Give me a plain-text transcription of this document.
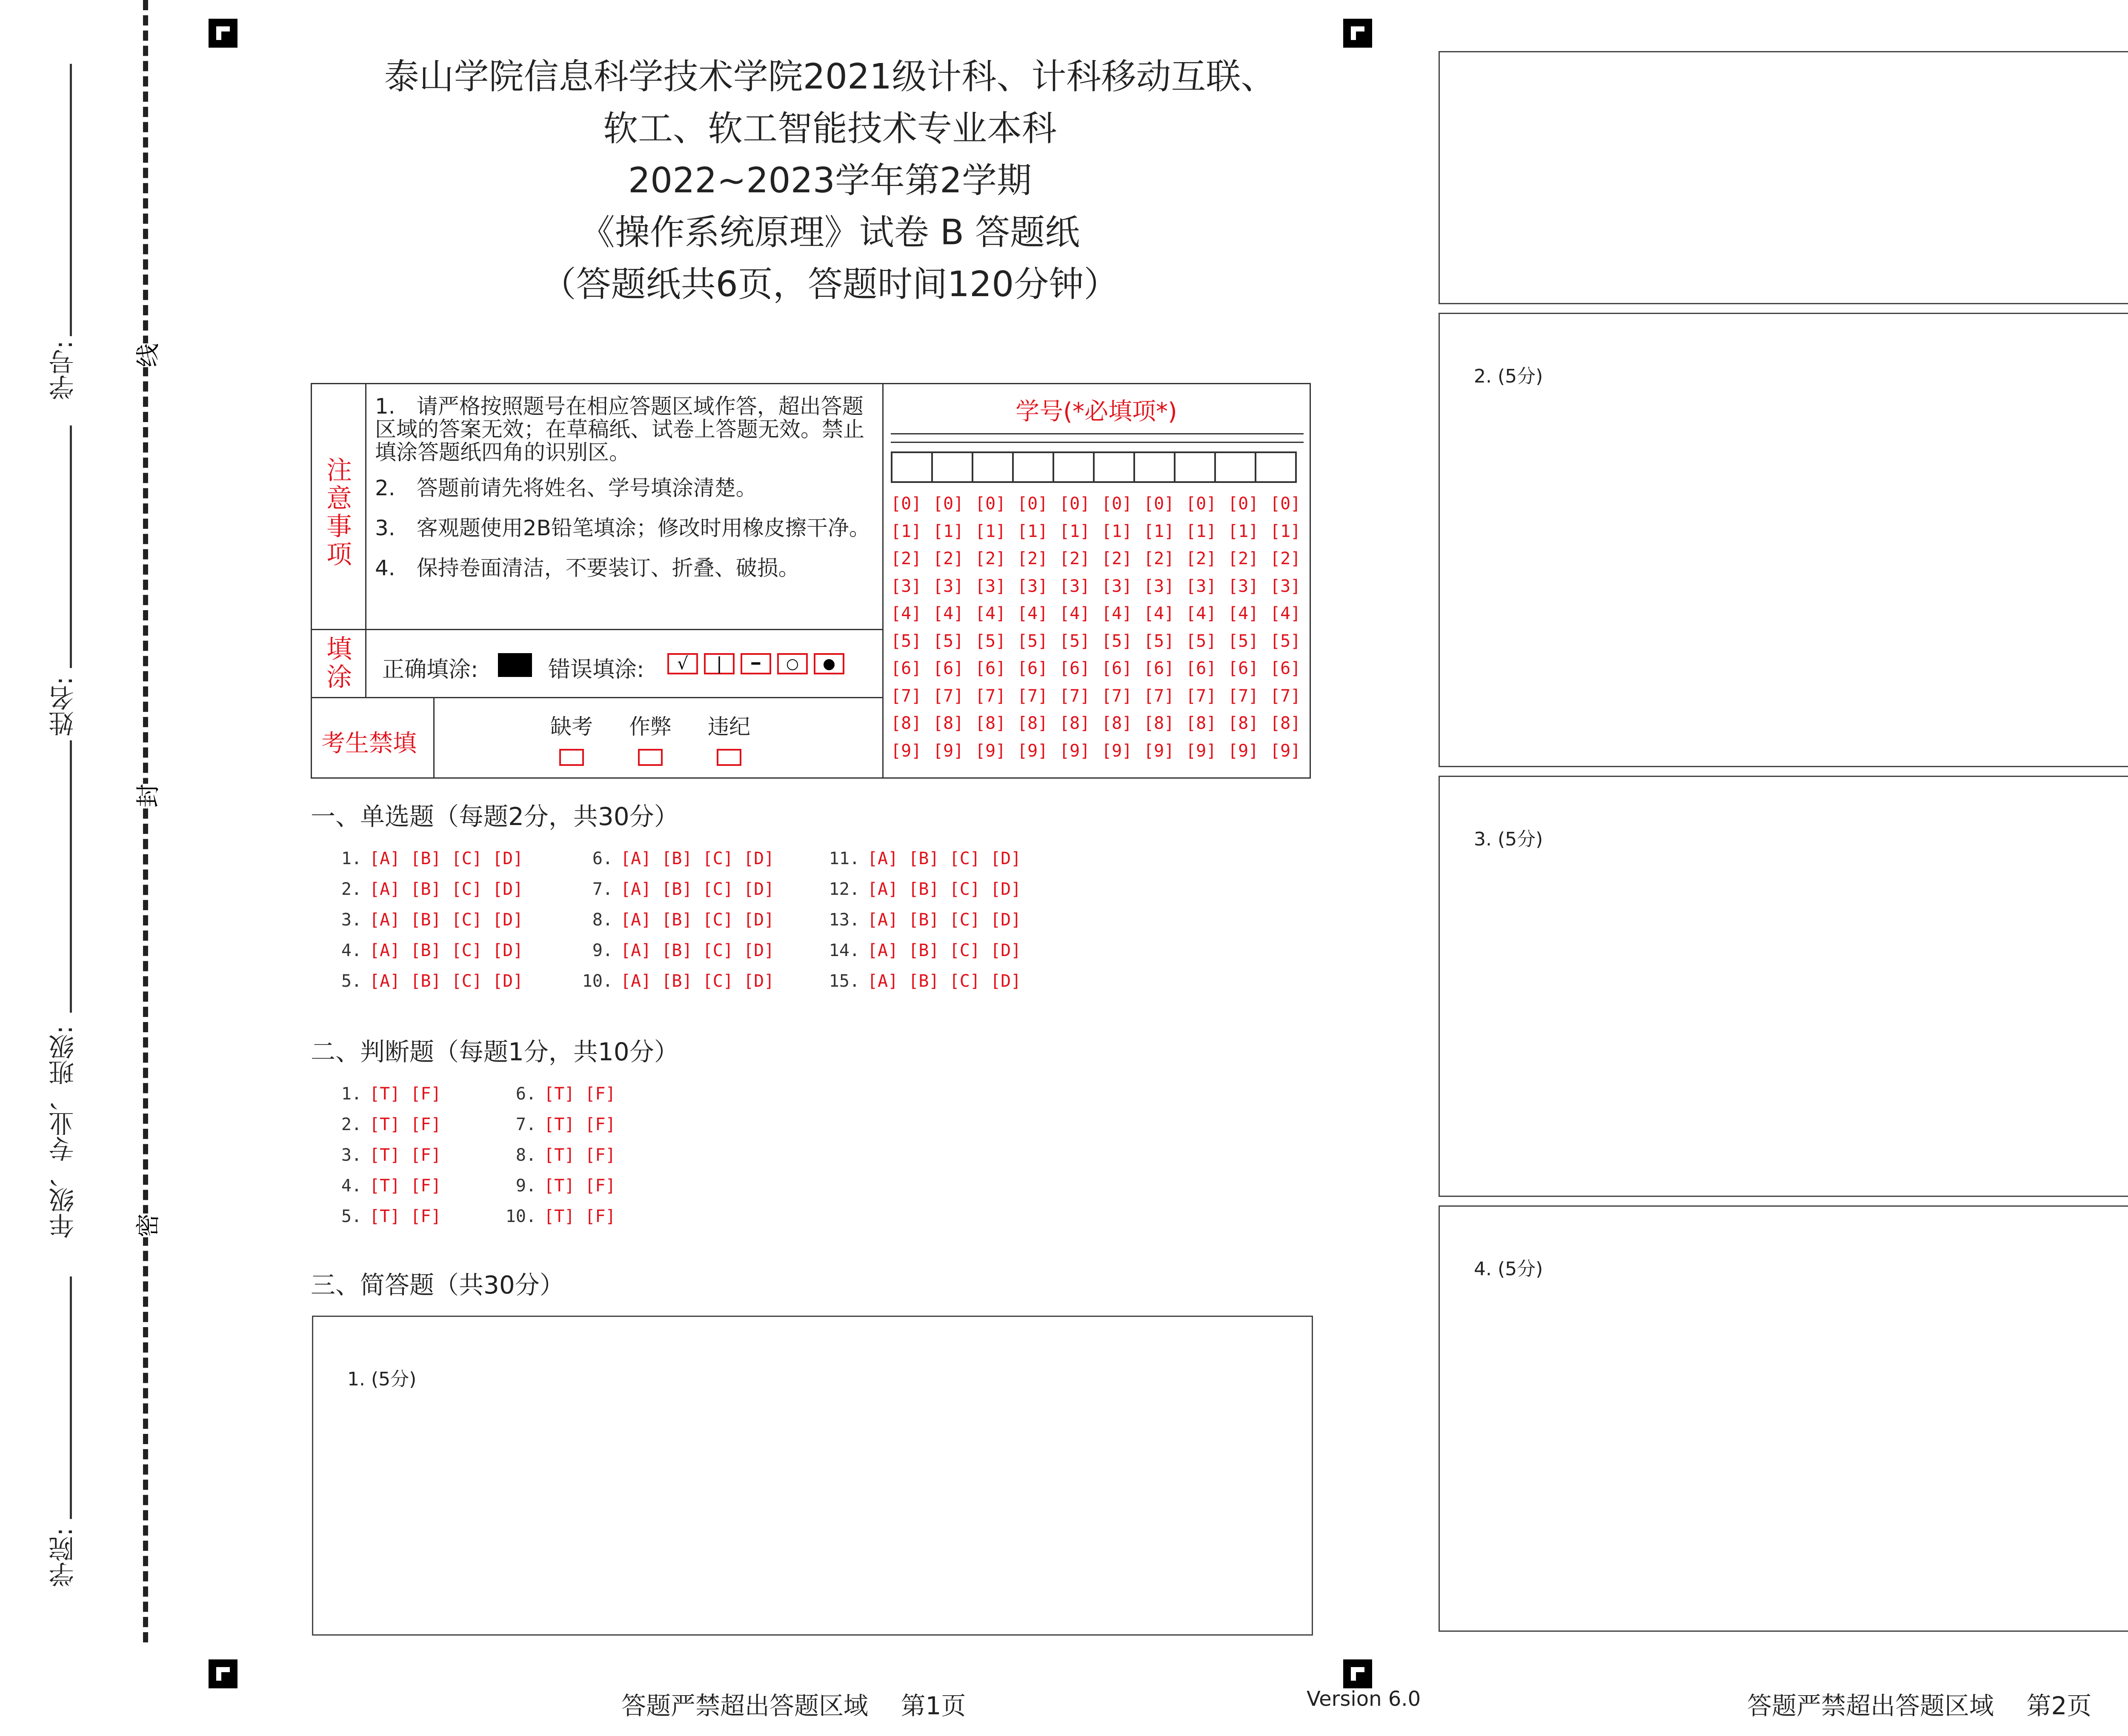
学号:
姓名:
年级、专业、班级:
学院:
线
封
密
泰山学院信息科学技术学院2021级计科、计科移动互联、
软工、软工智能技术专业本科
2022~2023学年第2学期
《操作系统原理》试卷 B 答题纸
（答题纸共6页，答题时间120分钟）
注意事项
1.　请严格按照题号在相应答题区域作答，超出答题区域的答案无效；在草稿纸、试卷上答题无效。禁止填涂答题纸四角的识别区。
2.　答题前请先将姓名、学号填涂清楚。
3.　客观题使用2B铅笔填涂；修改时用橡皮擦干净。
4.　保持卷面清洁，不要装订、折叠、破损。
填涂 正确填涂:	错误填涂:	√	|	━	○	●
考生禁填
缺考	作弊	违纪
学号(*必填项*)
[0] [0] [0] [0] [0] [0] [0] [0] [0] [0]
[1] [1] [1] [1] [1] [1] [1] [1] [1] [1]
[2] [2] [2] [2] [2] [2] [2] [2] [2] [2]
[3] [3] [3] [3] [3] [3] [3] [3] [3] [3]
[4] [4] [4] [4] [4] [4] [4] [4] [4] [4]
[5] [5] [5] [5] [5] [5] [5] [5] [5] [5]
[6] [6] [6] [6] [6] [6] [6] [6] [6] [6]
[7] [7] [7] [7] [7] [7] [7] [7] [7] [7]
[8] [8] [8] [8] [8] [8] [8] [8] [8] [8]
[9] [9] [9] [9] [9] [9] [9] [9] [9] [9]
一、单选题（每题2分，共30分）
1. [A] [B] [C] [D]
2. [A] [B] [C] [D]
3. [A] [B] [C] [D]
4. [A] [B] [C] [D]
5. [A] [B] [C] [D]
6. [A] [B] [C] [D]
7. [A] [B] [C] [D]
8. [A] [B] [C] [D]
9. [A] [B] [C] [D]
10. [A] [B] [C] [D]
11. [A] [B] [C] [D]
12. [A] [B] [C] [D]
13. [A] [B] [C] [D]
14. [A] [B] [C] [D]
15. [A] [B] [C] [D]
二、判断题（每题1分，共10分）
1. [T] [F]
2. [T] [F]
3. [T] [F]
4. [T] [F]
5. [T] [F]
6. [T] [F]
7. [T] [F]
8. [T] [F]
9. [T] [F]
10. [T] [F]
三、简答题（共30分）
1. (5分)
2. (5分)
3. (5分)
4. (5分)
答题严禁超出答题区域　 第1页	Version 6.0	答题严禁超出答题区域　 第2页
